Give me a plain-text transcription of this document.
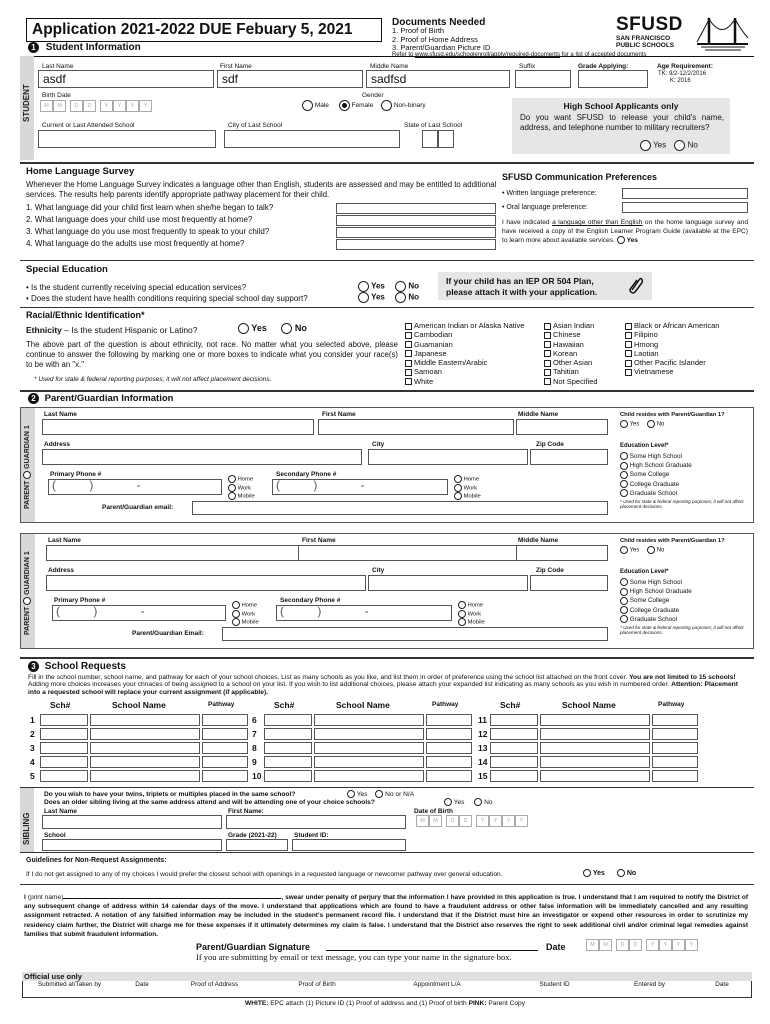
Application 2021-2022 DUE Febuary 5, 2021
1 Student Information
Documents Needed
1. Proof of Birth
2. Proof of Home Address
3. Parent/Guardian Picture ID
Refer to www.sfusd.edu/schoolenroll/apply/required-documents for a list of accepted documents
SFUSD
SAN FRANCISCO
PUBLIC SCHOOLS
STUDENT
Last Name
asdf
First Name
sdf
Middle Name
sadfsd
Suffix	Grade Applying:	Age Requirement:
TK: 9/2-12/2/2016
K: 2016
Birth Date
M	M	D	D	Y	Y	Y	Y
Gender
Male	Female	Non-binary
Current or Last Attended School	City of Last School	State of Last School
High School Applicants only
Do you want SFUSD to release your child's name, address, and telephone number to military recruiters?
Yes	No
Home Language Survey
Whenever the Home Language Survey indicates a language other than English, students are assessed and may be entitled to additional services. The results help parents identify appropriate pathway placement for their child.
1. What language did your child first learn when she/he began to talk?
2. What language does your child use most frequently at home?
3. What language do you use most frequently to speak to your child?
4. What language do the adults use most frequently at home?
SFUSD Communication Preferences
• Written language preference:
• Oral language preference:
I have indicated a language other than English on the home language survey and have received a copy of the English Learner Program Guide (available at the EPC) to learn more about available services. Yes
Special Education
• Is the student currently receiving special education services?	Yes	No
• Does the student have health conditions requiring special school day support?	Yes	No
If your child has an IEP OR 504 Plan,
please attach it with your application.
Racial/Ethnic Identification*
Ethnicity – Is the student Hispanic or Latino?	Yes	No
The above part of the question is about ethnicity, not race. No matter what you selected above, please continue to answer the following by marking one or more boxes to indicate what you consider your race(s) to be with an "x."
* Used for state & federal reporting purposes; it will not affect placement decisions.
American Indian or Alaska Native
Cambodian
Guamanian
Japanese
Middle Eastern/Arabic
Samoan
White
Asian Indian
Chinese
Hawaiian
Korean
Other Asian
Tahitian
Not Specified
Black or African American
Filipino
Hmong
Laotian
Other Pacific Islander
Vietnamese
2 Parent/Guardian Information
PARENT  GUARDIAN 1
Last Name	First Name	Middle Name	Child resides with Parent/Guardian 1?
Yes	No
Address	City	Zip Code
Primary Phone #
(          )             -	Home
Work
Mobile
Secondary Phone #
(          )             -	Home
Work
Mobile
Parent/Guardian email:
Education Level*
Some High School
High School Graduate
Some College
College Graduate
Graduate School
* Used for state & federal reporting purposes; it will not affect placement decisions.
PARENT  GUARDIAN 1
Last Name	First Name	Middle Name	Child resides with Parent/Guardian 1?
Yes	No
Address	City	Zip Code
Primary Phone #
(          )             -	Home
Work
Mobile
Secondary Phone #
(          )             -	Home
Work
Mobile
Parent/Guardian Email:
Education Level*
Some High School
High School Graduate
Some College
College Graduate
Graduate School
* Used for state & federal reporting purposes; it will not affect placement decisions.
3 School Requests
Fill in the school number, school name, and pathway for each of your school choices. List as many schools as you like, and list them in order of preference using the school list attached on the front cover. You are not limited to 15 schools! Adding more choices increases your chnaces of being assigned to a school on your list. If you wish to list additional choices, please attach your expanded list indicating as many schools as you wish in numbered order. Attention: Placement into a requested school will replace your current assignment (if applicable).
Sch#	School Name	Pathway
1
2
3
4
5
Sch#	School Name	Pathway
6
7
8
9
10
Sch#	School Name	Pathway
11
12
13
14
15
SIBLING
Do you wish to have your twins, triplets or multiples placed in the same school?	Yes	No or N/A
Does an older sibling living at the same address attend and will be attending one of your choice schools?	Yes	No
Last Name	First Name:	Date of Birth
M	M	D	D	Y	Y	Y	Y
School	Grade (2021-22)	Student ID:
Guidelines for Non-Request Assignments:
If I do not get assigned to any of my choices I would prefer the closest school with openings in a requested language or newcomer pathway over general education.	Yes	No
I (print name)	, swear under penalty of perjury that the information I have provided in this application is true. I understand that I am required to notify the District of any subsequent change of address within 14 calendar days of the move. I understand that applications which are found to have a fraudulent address or other false information will be immediately cancelled and any resulting assignment retracted. A notation of any falsified information may be included in the student's permanent record file. I understand that if the District must hire an investigator or expend other resources in order to scrutinize my residency claim further, the District will charge me for these expenses if it ultimately determines my claim is false. I understand that the District also reserves the right to seek additional civil and/or criminal legal remedies against families that submit fraudulent information.
Parent/Guardian Signature	Date	M	M	D	D	Y	Y	Y	Y
If you are submitting by email or text message, you can type your name in the signature box.
Official use only
Submitted at/Taken by	Date	Proof of Address	Proof of Birth	Appointment L/A	Student ID	Entered by	Date
WHITE: EPC attach (1) Picture ID (1) Proof of address and (1) Proof of birth PINK: Parent Copy
